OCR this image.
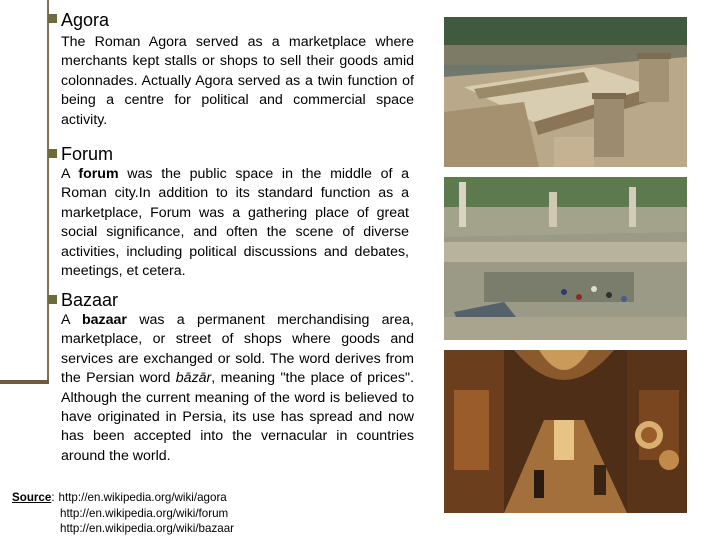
Agora
The Roman Agora served as a marketplace where merchants kept stalls or shops to sell their goods amid colonnades. Actually Agora served as a twin function of being a centre for political and commercial space activity.
Forum
A forum was the public space in the middle of a Roman city.In addition to its standard function as a marketplace, Forum was a gathering place of great social significance, and often the scene of diverse activities, including political discussions and debates, meetings, et cetera.
Bazaar
A bazaar was a permanent merchandising area, marketplace, or street of shops where goods and services are exchanged or sold. The word derives from the Persian word bāzār, meaning "the place of prices". Although the current meaning of the word is believed to have originated in Persia, its use has spread and now has been accepted into the vernacular in countries around the world.
Source: http://en.wikipedia.org/wiki/agora
http://en.wikipedia.org/wiki/forum
http://en.wikipedia.org/wiki/bazaar
